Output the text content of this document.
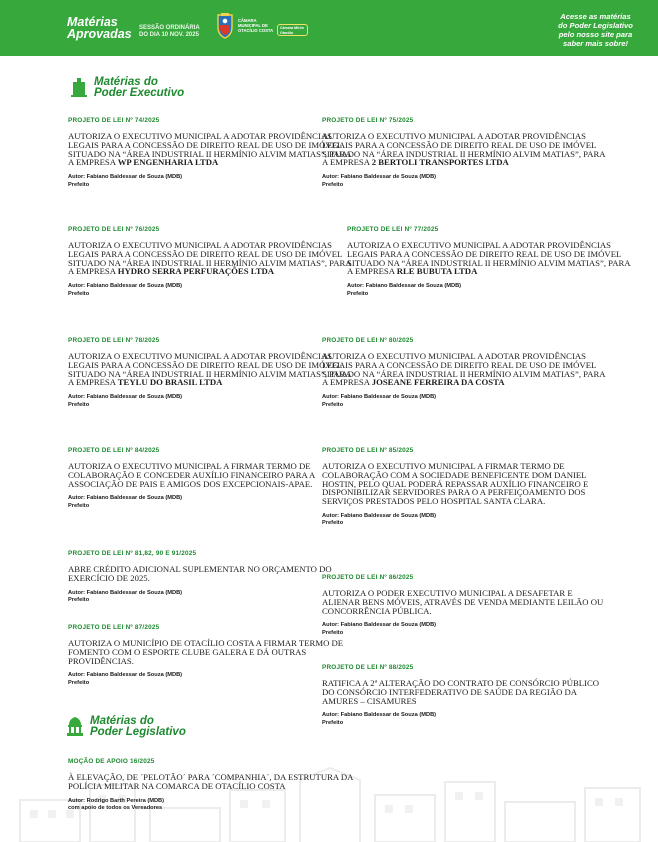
Matérias
Aprovadas SESSÃO ORDINÁRIA
DO DIA 10 NOV. 2025
CÂMARA MUNICIPAL DE OTACÍLIO COSTA	Câmara Mirim Otacílio
Acesse as matérias
do Poder Legislativo
pelo nosso site para
saber mais sobre!
Matérias do
Poder Executivo
PROJETO DE LEI Nº 74/2025
AUTORIZA O EXECUTIVO MUNICIPAL A ADOTAR PROVIDÊNCIAS LEGAIS PARA A CONCESSÃO DE DIREITO REAL DE USO DE IMÓVEL SITUADO NA “ÁREA INDUSTRIAL II HERMÍNIO ALVIM MATIAS”, PARA A EMPRESA WP ENGENHARIA LTDA
Autor: Fabiano Baldessar de Souza (MDB)
Prefeito
PROJETO DE LEI Nº 76/2025
AUTORIZA O EXECUTIVO MUNICIPAL A ADOTAR PROVIDÊNCIAS LEGAIS PARA A CONCESSÃO DE DIREITO REAL DE USO DE IMÓVEL SITUADO NA “ÁREA INDUSTRIAL II HERMÍNIO ALVIM MATIAS”, PARA A EMPRESA HYDRO SERRA PERFURAÇÕES LTDA
Autor: Fabiano Baldessar de Souza (MDB)
Prefeito
PROJETO DE LEI Nº 78/2025
AUTORIZA O EXECUTIVO MUNICIPAL A ADOTAR PROVIDÊNCIAS LEGAIS PARA A CONCESSÃO DE DIREITO REAL DE USO DE IMÓVEL SITUADO NA “ÁREA INDUSTRIAL II HERMÍNIO ALVIM MATIAS”, PARA A EMPRESA TEYLU DO BRASIL LTDA
Autor: Fabiano Baldessar de Souza (MDB)
Prefeito
PROJETO DE LEI Nº 84/2025
AUTORIZA O EXECUTIVO MUNICIPAL A FIRMAR TERMO DE COLABORAÇÃO E CONCEDER AUXÍLIO FINANCEIRO PARA A ASSOCIAÇÃO DE PAIS E AMIGOS DOS EXCEPCIONAIS-APAE.
Autor: Fabiano Baldessar de Souza (MDB)
Prefeito
PROJETO DE LEI Nº 81,82, 90 E 91/2025
ABRE CRÉDITO ADICIONAL SUPLEMENTAR NO ORÇAMENTO DO EXERCÍCIO DE 2025.
Autor: Fabiano Baldessar de Souza (MDB)
Prefeito
PROJETO DE LEI Nº 87/2025
AUTORIZA O MUNICÍPIO DE OTACÍLIO COSTA A FIRMAR TERMO DE FOMENTO COM O ESPORTE CLUBE GALERA E DÁ OUTRAS PROVIDÊNCIAS.
Autor: Fabiano Baldessar de Souza (MDB)
Prefeito
PROJETO DE LEI Nº 75/2025
AUTORIZA O EXECUTIVO MUNICIPAL A ADOTAR PROVIDÊNCIAS LEGAIS PARA A CONCESSÃO DE DIREITO REAL DE USO DE IMÓVEL SITUADO NA “ÁREA INDUSTRIAL II HERMÍNIO ALVIM MATIAS”, PARA A EMPRESA 2 BERTOLI TRANSPORTES LTDA
Autor: Fabiano Baldessar de Souza (MDB)
Prefeito
PROJETO DE LEI Nº 77/2025
AUTORIZA O EXECUTIVO MUNICIPAL A ADOTAR PROVIDÊNCIAS LEGAIS PARA A CONCESSÃO DE DIREITO REAL DE USO DE IMÓVEL SITUADO NA “ÁREA INDUSTRIAL II HERMÍNIO ALVIM MATIAS”, PARA A EMPRESA RLE BUBUTA LTDA
Autor: Fabiano Baldessar de Souza (MDB)
Prefeito
PROJETO DE LEI Nº 80/2025
AUTORIZA O EXECUTIVO MUNICIPAL A ADOTAR PROVIDÊNCIAS LEGAIS PARA A CONCESSÃO DE DIREITO REAL DE USO DE IMÓVEL SITUADO NA “ÁREA INDUSTRIAL II HERMÍNIO ALVIM MATIAS”, PARA A EMPRESA JOSEANE FERREIRA DA COSTA
Autor: Fabiano Baldessar de Souza (MDB)
Prefeito
PROJETO DE LEI Nº 85/2025
AUTORIZA O EXECUTIVO MUNICIPAL A FIRMAR TERMO DE COLABORAÇÃO COM A SOCIEDADE BENEFICENTE DOM DANIEL HOSTIN, PELO QUAL PODERÁ REPASSAR AUXÍLIO FINANCEIRO E DISPONIBILIZAR SERVIDORES PARA O A PERFEIÇOAMENTO DOS SERVIÇOS PRESTADOS PELO HOSPITAL SANTA CLARA.
Autor: Fabiano Baldessar de Souza (MDB)
Prefeito
PROJETO DE LEI Nº 86/2025
AUTORIZA O PODER EXECUTIVO MUNICIPAL A DESAFETAR E ALIENAR BENS MÓVEIS, ATRAVÉS DE VENDA MEDIANTE LEILÃO OU CONCORRÊNCIA PÚBLICA.
Autor: Fabiano Baldessar de Souza (MDB)
Prefeito
PROJETO DE LEI Nº 88/2025
RATIFICA A 2ª ALTERAÇÃO DO CONTRATO DE CONSÓRCIO PÚBLICO DO CONSÓRCIO INTERFEDERATIVO DE SAÚDE DA REGIÃO DA AMURES – CISAMURES
Autor: Fabiano Baldessar de Souza (MDB)
Prefeito
Matérias do
Poder Legislativo
MOÇÃO DE APOIO 16/2025
À ELEVAÇÃO, DE ´PELOTÃO´ PARA ´COMPANHIA´, DA ESTRUTURA DA POLÍCIA MILITAR NA COMARCA DE OTACÍLIO COSTA
Autor: Rodrigo Barth Pereira (MDB)
com apoio de todos os Vereadores
